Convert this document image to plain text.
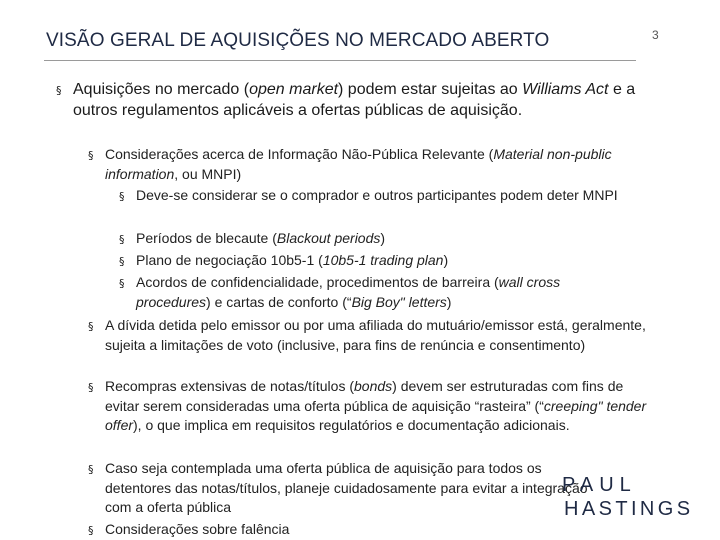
VISÃO GERAL DE AQUISIÇÕES NO MERCADO ABERTO	3
§ Aquisições no mercado (open market) podem estar sujeitas ao Williams Act e a outros regulamentos aplicáveis a ofertas públicas de aquisição.
§ Considerações acerca de Informação Não-Pública Relevante (Material non-public information, ou MNPI)
§ Deve-se considerar se o comprador e outros participantes podem deter MNPI
§ Períodos de blecaute (Blackout periods)
§ Plano de negociação 10b5-1 (10b5-1 trading plan)
§ Acordos de confidencialidade, procedimentos de barreira (wall cross procedures) e cartas de conforto (“Big Boy" letters)
§ A dívida detida pelo emissor ou por uma afiliada do mutuário/emissor está, geralmente, sujeita a limitações de voto (inclusive, para fins de renúncia e consentimento)
§ Recompras extensivas de notas/títulos (bonds) devem ser estruturadas com fins de evitar serem consideradas uma oferta pública de aquisição “rasteira” (“creeping" tender offer), o que implica em requisitos regulatórios e documentação adicionais.
§ Caso seja contemplada uma oferta pública de aquisição para todos os detentores das notas/títulos, planeje cuidadosamente para evitar a integração com a oferta pública
§ Considerações sobre falência
PAUL
HASTINGS
